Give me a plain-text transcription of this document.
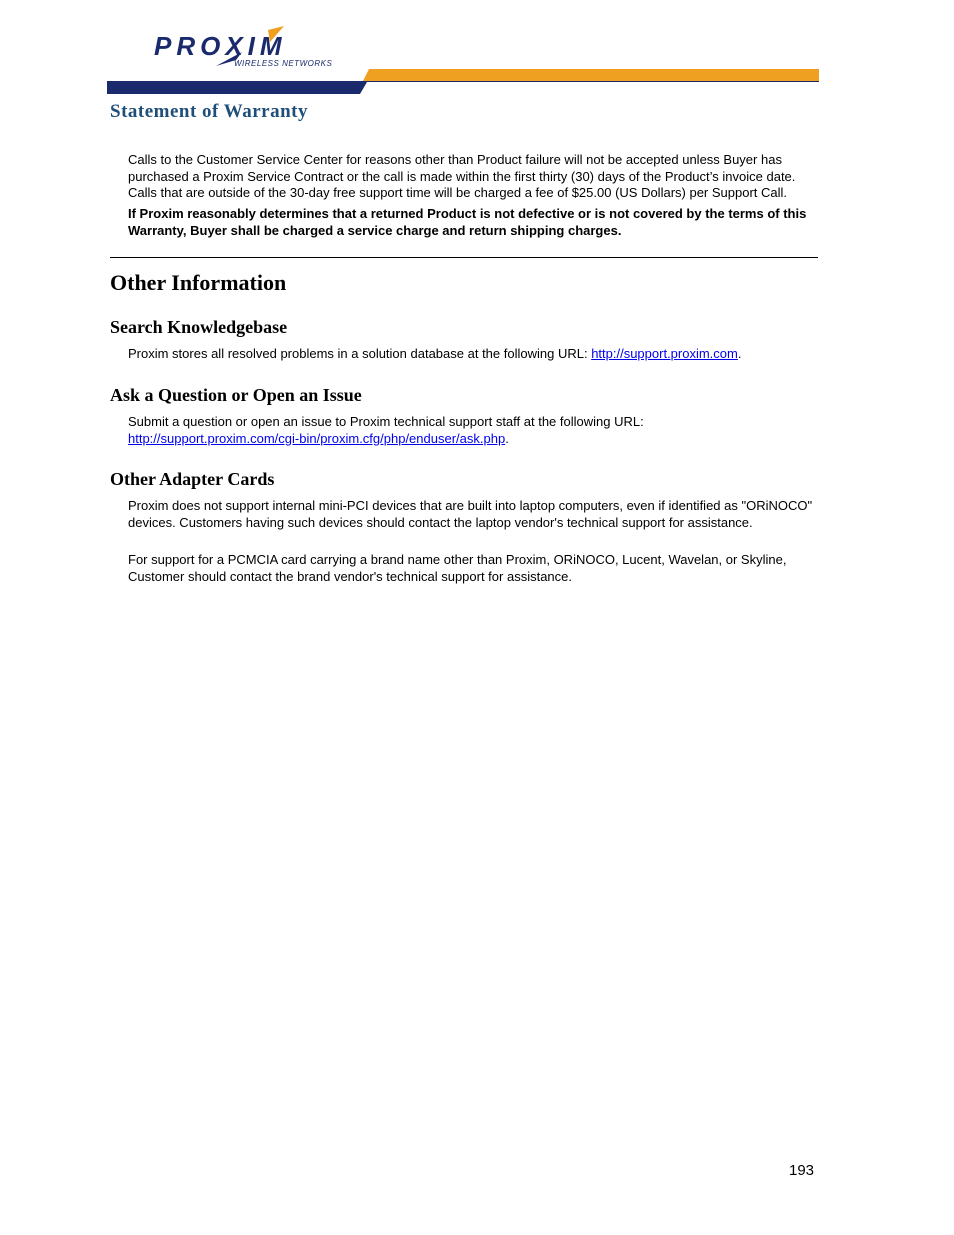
PROXIM
WIRELESS NETWORKS
Statement of Warranty

Calls to the Customer Service Center for reasons other than Product failure will not be accepted unless Buyer has purchased a Proxim Service Contract or the call is made within the first thirty (30) days of the Product’s invoice date. Calls that are outside of the 30-day free support time will be charged a fee of $25.00 (US Dollars) per Support Call.

If Proxim reasonably determines that a returned Product is not defective or is not covered by the terms of this Warranty, Buyer shall be charged a service charge and return shipping charges.

Other Information
Search Knowledgebase

Proxim stores all resolved problems in a solution database at the following URL: http://support.proxim.com.

Ask a Question or Open an Issue

Submit a question or open an issue to Proxim technical support staff at the following URL:
http://support.proxim.com/cgi-bin/proxim.cfg/php/enduser/ask.php.

Other Adapter Cards

Proxim does not support internal mini-PCI devices that are built into laptop computers, even if identified as "ORiNOCO" devices. Customers having such devices should contact the laptop vendor's technical support for assistance.

For support for a PCMCIA card carrying a brand name other than Proxim, ORiNOCO, Lucent, Wavelan, or Skyline, Customer should contact the brand vendor's technical support for assistance.

193
